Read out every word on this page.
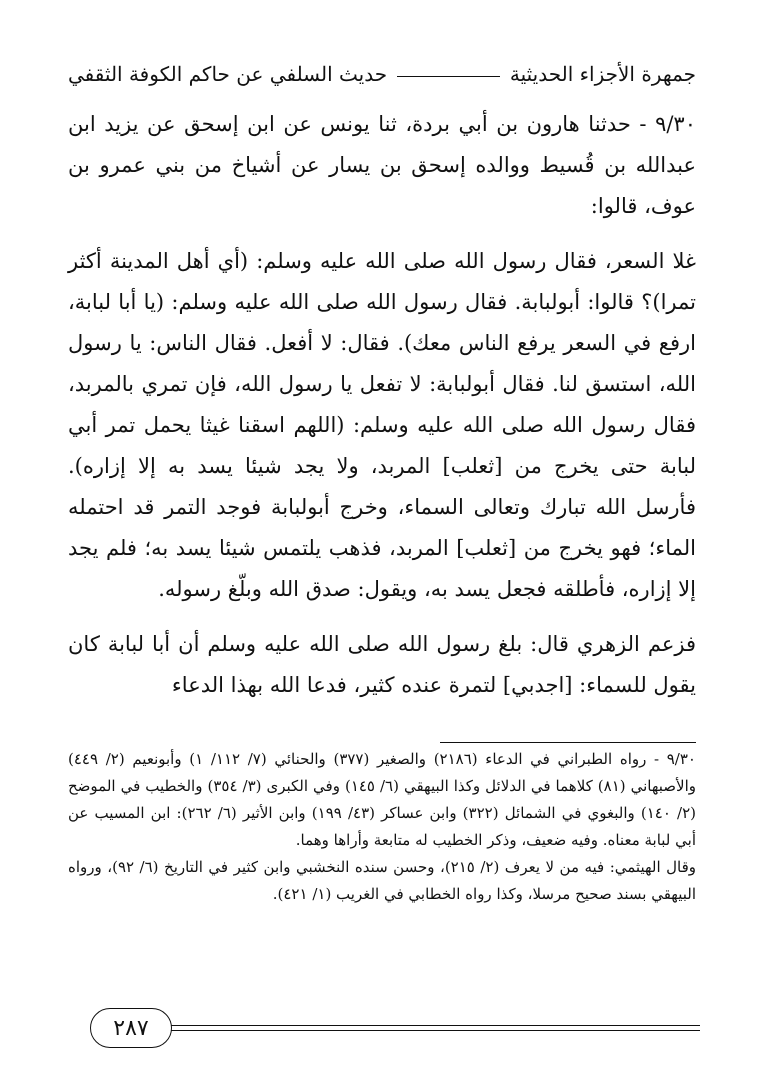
جمهرة الأجزاء الحديثية
حديث السلفي عن حاكم الكوفة الثقفي

٩/٣٠ - حدثنا هارون بن أبي بردة، ثنا يونس عن ابن إسحق عن يزيد ابن عبدالله بن قُسيط ووالده إسحق بن يسار عن أشياخ من بني عمرو بن عوف، قالوا:

غلا السعر، فقال رسول الله صلى الله عليه وسلم: (أي أهل المدينة أكثر تمرا)؟ قالوا: أبولبابة. فقال رسول الله صلى الله عليه وسلم: (يا أبا لبابة، ارفع في السعر يرفع الناس معك). فقال: لا أفعل. فقال الناس: يا رسول الله، استسق لنا. فقال أبولبابة: لا تفعل يا رسول الله، فإن تمري بالمربد، فقال رسول الله صلى الله عليه وسلم: (اللهم اسقنا غيثا يحمل تمر أبي لبابة حتى يخرج من [ثعلب] المربد، ولا يجد شيئا يسد به إلا إزاره). فأرسل الله تبارك وتعالى السماء، وخرج أبولبابة فوجد التمر قد احتمله الماء؛ فهو يخرج من [ثعلب] المربد، فذهب يلتمس شيئا يسد به؛ فلم يجد إلا إزاره، فأطلقه فجعل يسد به، ويقول: صدق الله وبلّغ رسوله.

فزعم الزهري قال: بلغ رسول الله صلى الله عليه وسلم أن أبا لبابة كان يقول للسماء: [اجدبي] لتمرة عنده كثير، فدعا الله بهذا الدعاء

٩/٣٠ - رواه الطبراني في الدعاء (٢١٨٦) والصغير (٣٧٧) والحنائي (٧/ ١١٢/ ١) وأبونعيم (٢/ ٤٤٩) والأصبهاني (٨١) كلاهما في الدلائل وكذا البيهقي (٦/ ١٤٥) وفي الكبرى (٣/ ٣٥٤) والخطيب في الموضح (٢/ ١٤٠) والبغوي في الشمائل (٣٢٢) وابن عساكر (٤٣/ ١٩٩) وابن الأثير (٦/ ٢٦٢): ابن المسيب عن أبي لبابة معناه. وفيه ضعيف، وذكر الخطيب له متابعة وأراها وهما.

وقال الهيثمي: فيه من لا يعرف (٢/ ٢١٥)، وحسن سنده النخشبي وابن كثير في التاريخ (٦/ ٩٢)، ورواه البيهقي بسند صحيح مرسلا، وكذا رواه الخطابي في الغريب (١/ ٤٢١).

٢٨٧
